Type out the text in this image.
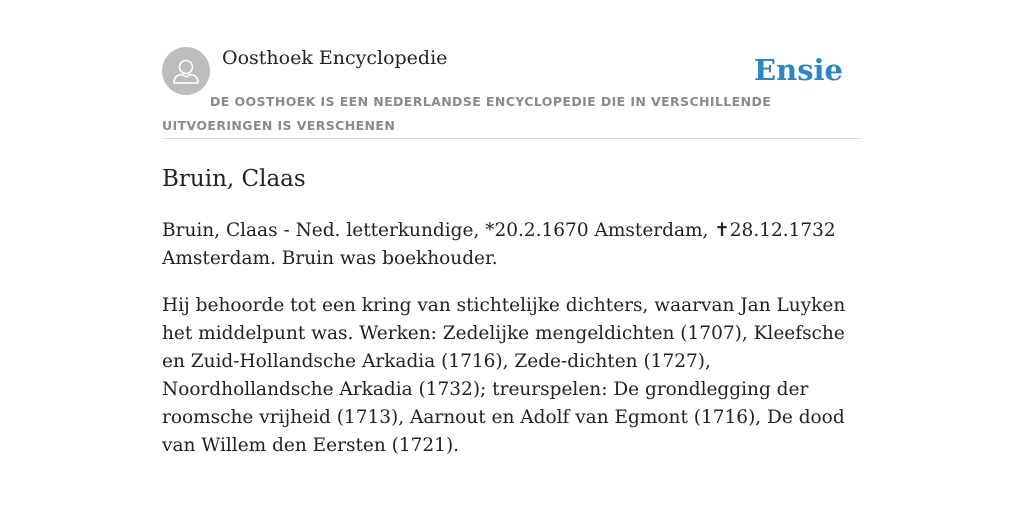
Oosthoek Encyclopedie	Ensie
DE OOSTHOEK IS EEN NEDERLANDSE ENCYCLOPEDIE DIE IN VERSCHILLENDE UITVOERINGEN IS VERSCHENEN
Bruin, Claas

Bruin, Claas - Ned. letterkundige, *20.2.1670 Amsterdam, ✝28.12.1732 Amsterdam. Bruin was boekhouder.

Hij behoorde tot een kring van stichtelijke dichters, waarvan Jan Luyken het middelpunt was. Werken: Zedelijke mengeldichten (1707), Kleefsche en Zuid-Hollandsche Arkadia (1716), Zede-dichten (1727), Noordhollandsche Arkadia (1732); treurspelen: De grondlegging der roomsche vrijheid (1713), Aarnout en Adolf van Egmont (1716), De dood van Willem den Eersten (1721).
